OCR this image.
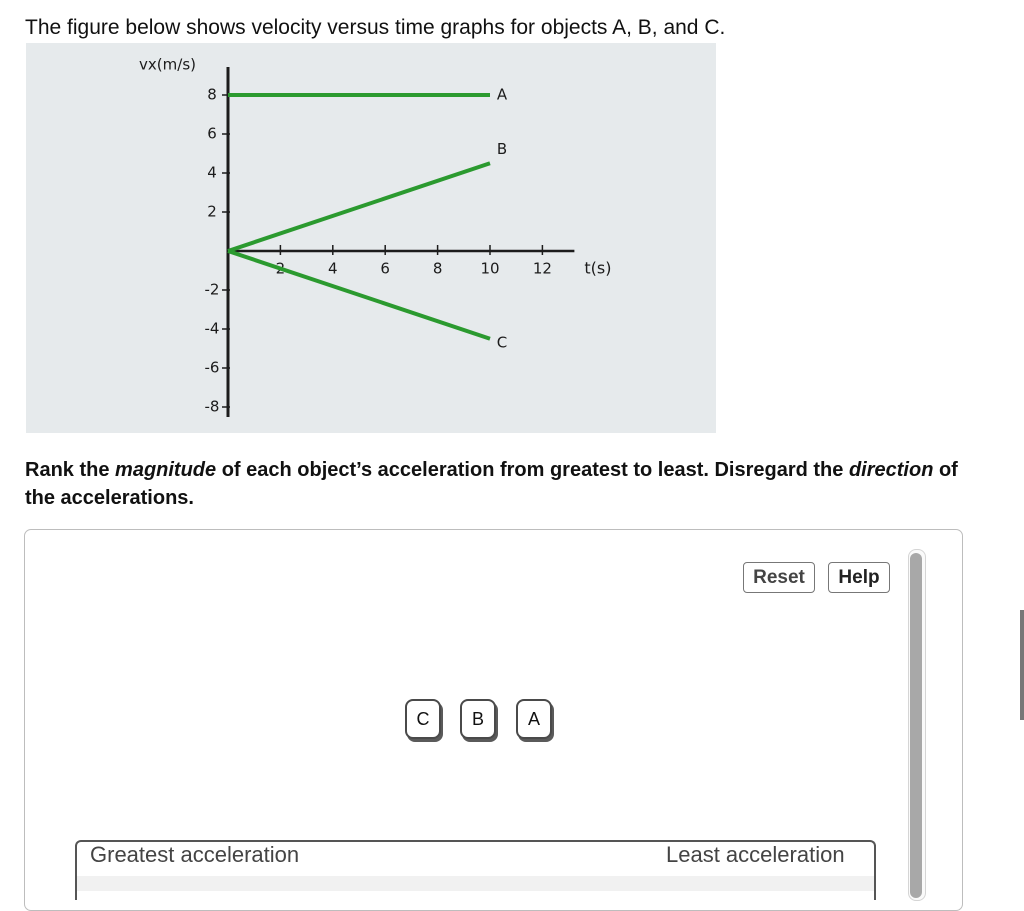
The figure below shows velocity versus time graphs for objects A, B, and C.

8
6
4
2
-2
-4
-6
-8
2	4	6	8	10 12 t(s)
vx(m/s)
A
B
C
Rank the magnitude of each object’s acceleration from greatest to least. Disregard the direction of the accelerations.
Reset	Help
C	B	A
Greatest acceleration	Least acceleration
